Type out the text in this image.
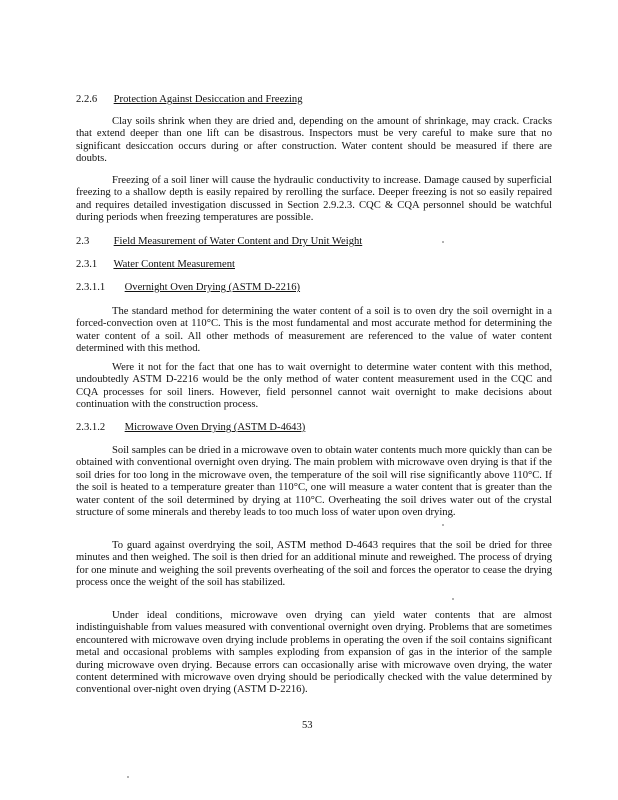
2.2.6 Protection Against Desiccation and Freezing
Clay soils shrink when they are dried and, depending on the amount of shrinkage, may crack. Cracks that extend deeper than one lift can be disastrous. Inspectors must be very careful to make sure that no significant desiccation occurs during or after construction. Water content should be measured if there are doubts.
Freezing of a soil liner will cause the hydraulic conductivity to increase. Damage caused by superficial freezing to a shallow depth is easily repaired by rerolling the surface. Deeper freezing is not so easily repaired and requires detailed investigation discussed in Section 2.9.2.3. CQC & CQA personnel should be watchful during periods when freezing temperatures are possible.
2.3 Field Measurement of Water Content and Dry Unit Weight
2.3.1 Water Content Measurement
2.3.1.1 Overnight Oven Drying (ASTM D-2216)
The standard method for determining the water content of a soil is to oven dry the soil overnight in a forced-convection oven at 110°C. This is the most fundamental and most accurate method for determining the water content of a soil. All other methods of measurement are referenced to the value of water content determined with this method.
Were it not for the fact that one has to wait overnight to determine water content with this method, undoubtedly ASTM D-2216 would be the only method of water content measurement used in the CQC and CQA processes for soil liners. However, field personnel cannot wait overnight to make decisions about continuation with the construction process.
2.3.1.2 Microwave Oven Drying (ASTM D-4643)
Soil samples can be dried in a microwave oven to obtain water contents much more quickly than can be obtained with conventional overnight oven drying. The main problem with microwave oven drying is that if the soil dries for too long in the microwave oven, the temperature of the soil will rise significantly above 110°C. If the soil is heated to a temperature greater than 110°C, one will measure a water content that is greater than the water content of the soil determined by drying at 110°C. Overheating the soil drives water out of the crystal structure of some minerals and thereby leads to too much loss of water upon oven drying.
To guard against overdrying the soil, ASTM method D-4643 requires that the soil be dried for three minutes and then weighed. The soil is then dried for an additional minute and reweighed. The process of drying for one minute and weighing the soil prevents overheating of the soil and forces the operator to cease the drying process once the weight of the soil has stabilized.
Under ideal conditions, microwave oven drying can yield water contents that are almost indistinguishable from values measured with conventional overnight oven drying. Problems that are sometimes encountered with microwave oven drying include problems in operating the oven if the soil contains significant metal and occasional problems with samples exploding from expansion of gas in the interior of the sample during microwave oven drying. Because errors can occasionally arise with microwave oven drying, the water content determined with microwave oven drying should be periodically checked with the value determined by conventional over-night oven drying (ASTM D-2216).
53
